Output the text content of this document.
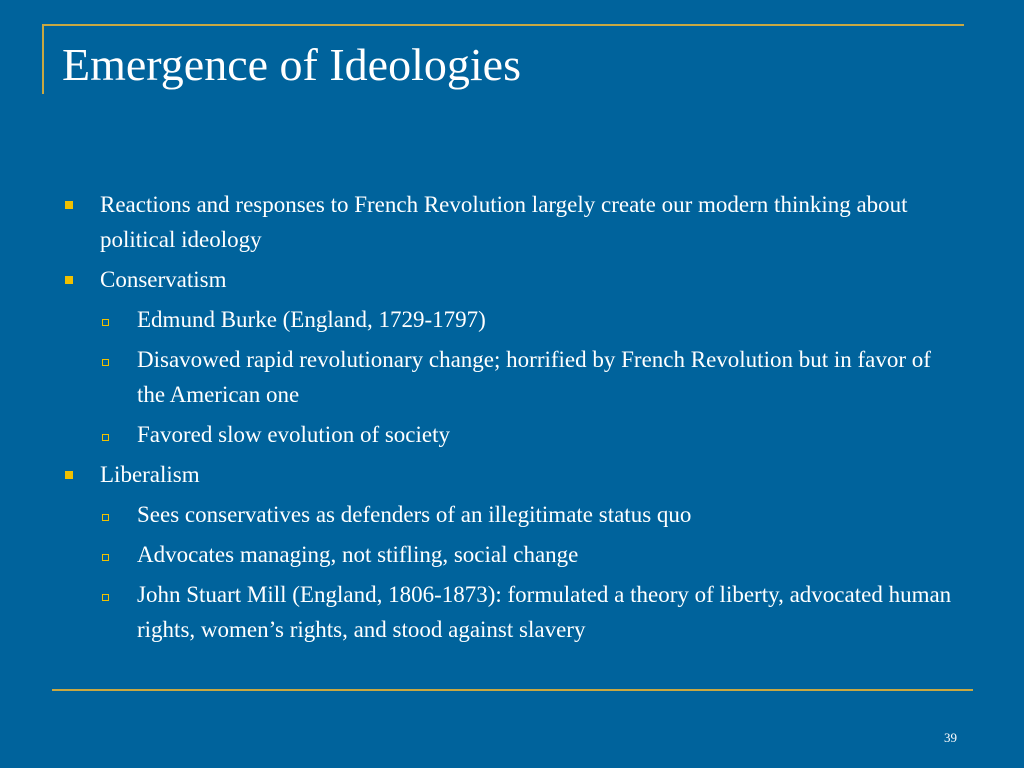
Emergence of Ideologies
Reactions and responses to French Revolution largely create our modern thinking about political ideology
Conservatism
Edmund Burke (England, 1729-1797)
Disavowed rapid revolutionary change; horrified by French Revolution but in favor of the American one
Favored slow evolution of society
Liberalism
Sees conservatives as defenders of an illegitimate status quo
Advocates managing, not stifling, social change
John Stuart Mill (England, 1806-1873): formulated a theory of liberty, advocated human rights, women’s rights, and stood against slavery
39
